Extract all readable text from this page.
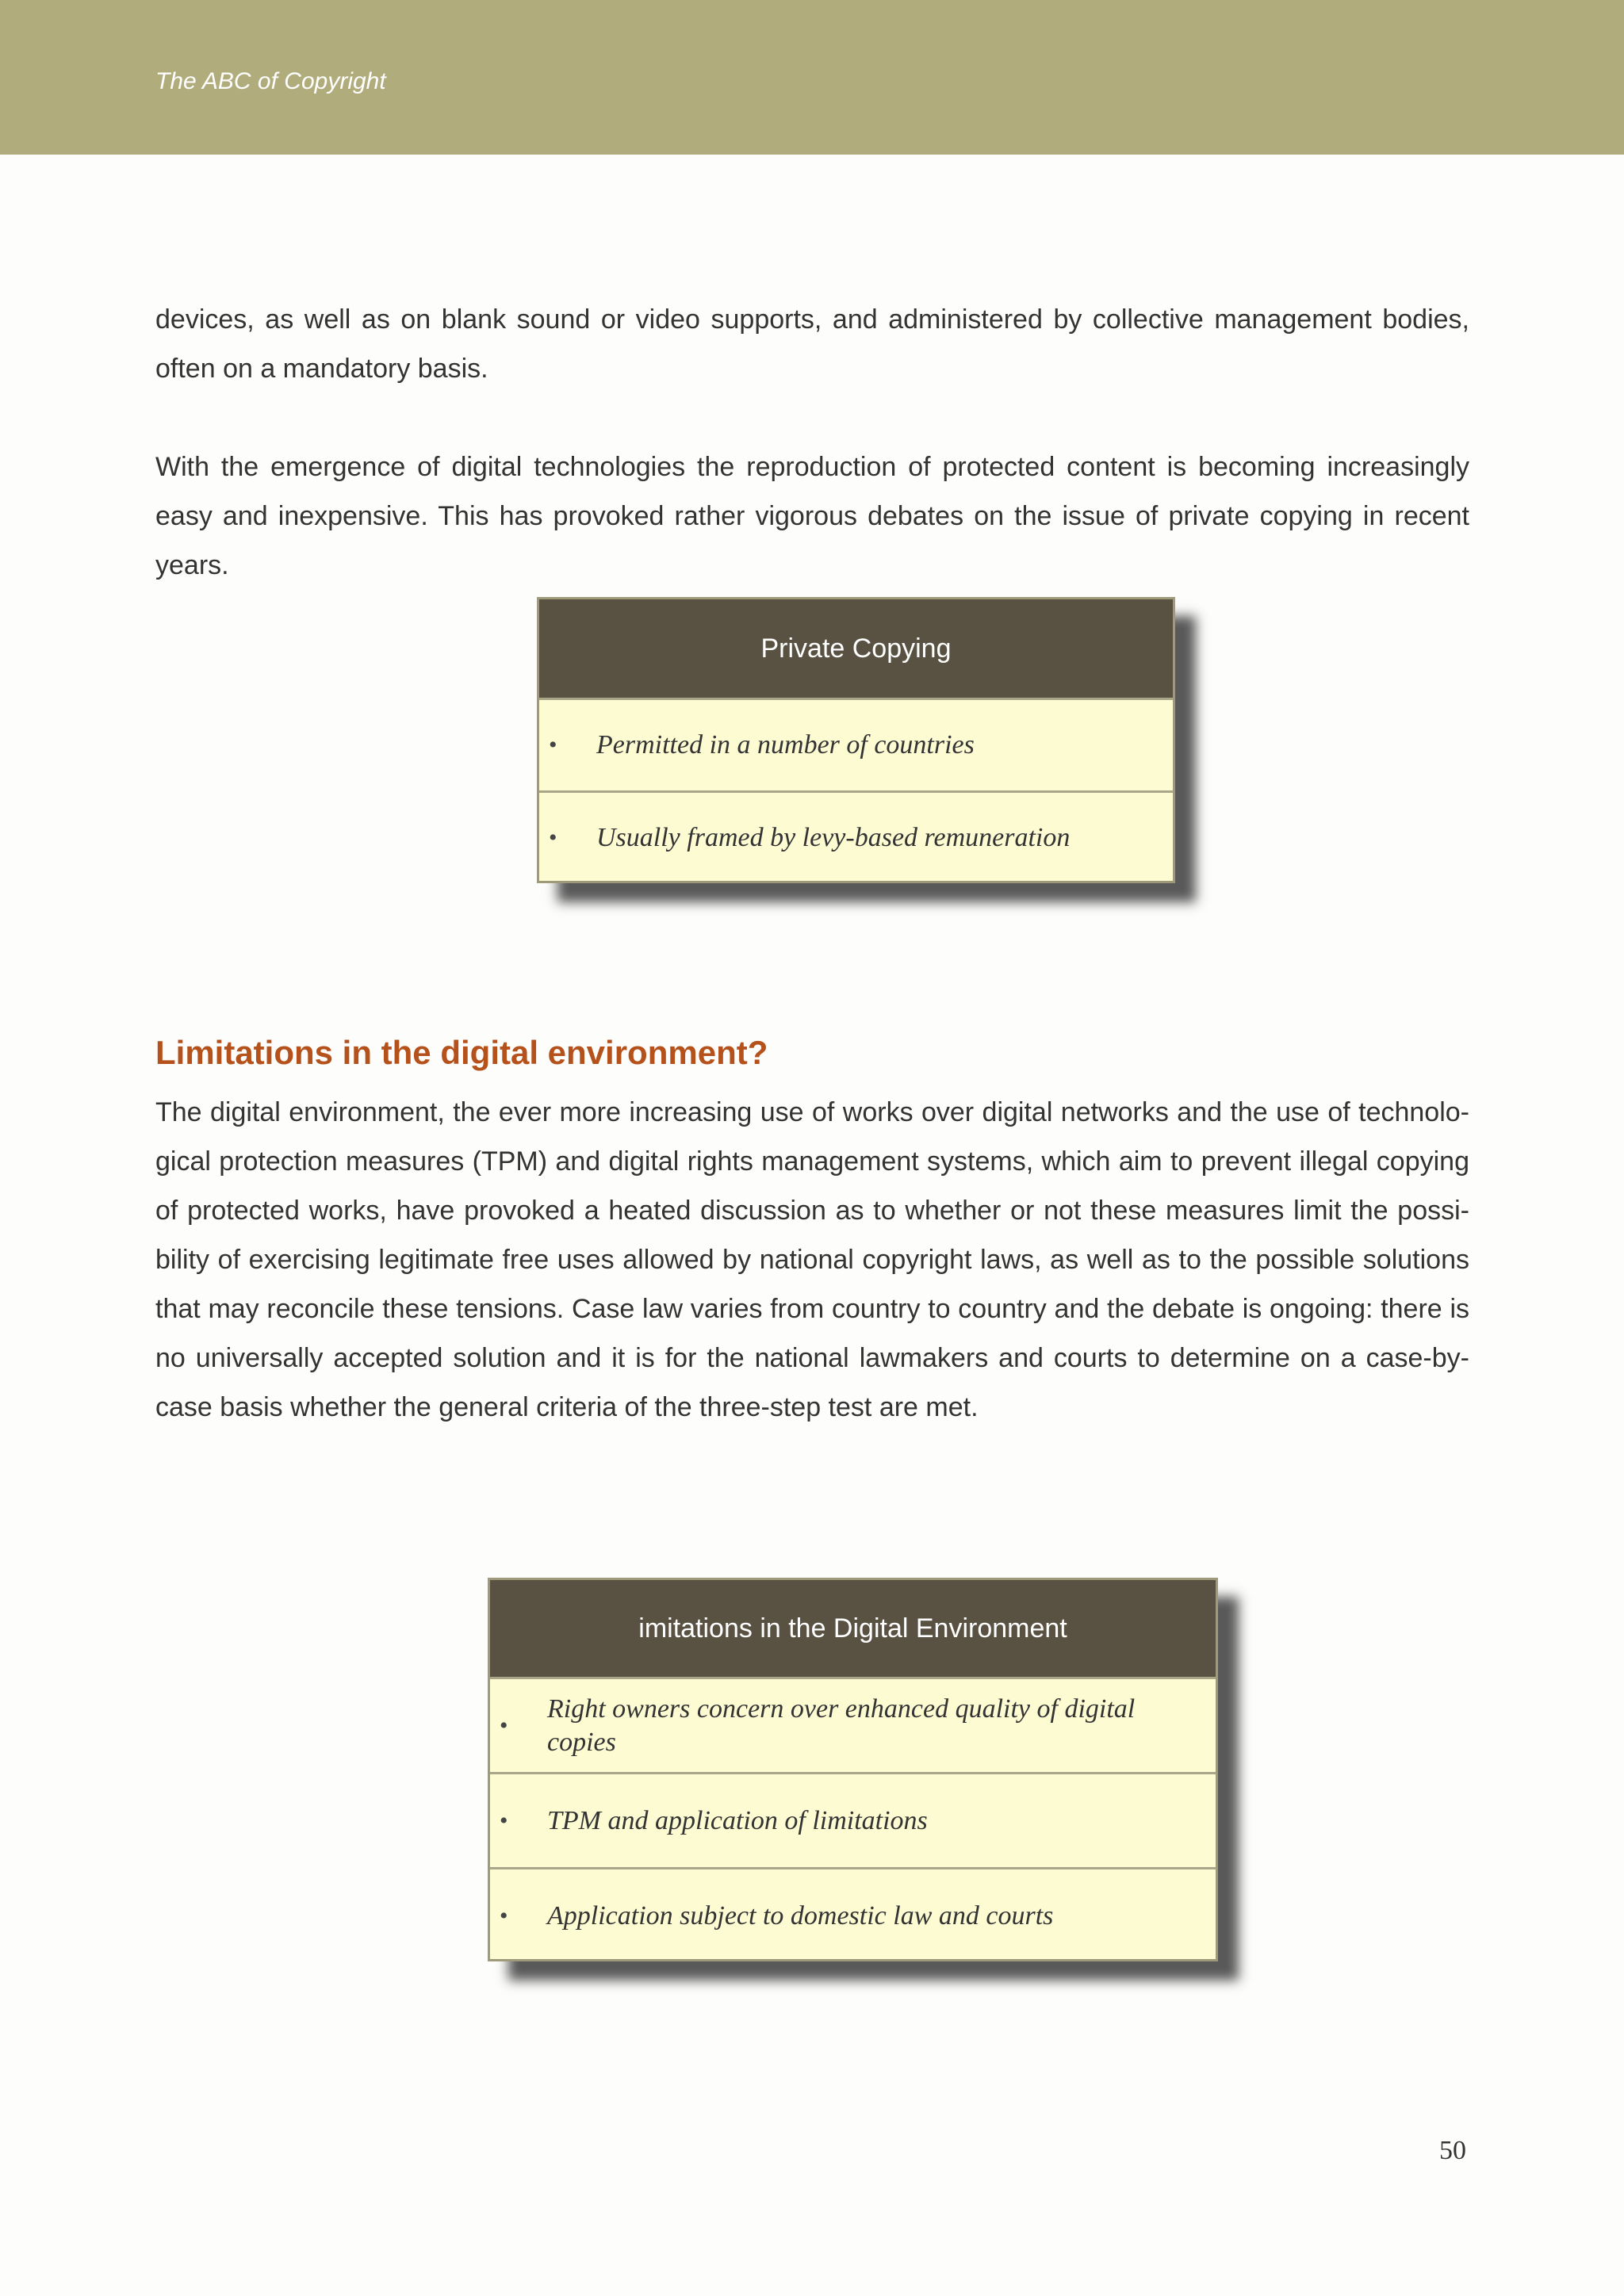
The ABC of Copyright

devices, as well as on blank sound or video supports, and administered by collective management bodies, often on a mandatory basis.

With the emergence of digital technologies the reproduction of protected content is becoming increasingly easy and inexpensive. This has provoked rather vigorous debates on the issue of private copying in recent years.

Private Copying
• Permitted in a number of countries
• Usually framed by levy-based remuneration
Limitations in the digital environment?

The digital environment, the ever more increasing use of works over digital networks and the use of technolo-gical protection measures (TPM) and digital rights management systems, which aim to prevent illegal copying of protected works, have provoked a heated discussion as to whether or not these measures limit the possi-bility of exercising legitimate free uses allowed by national copyright laws, as well as to the possible solutions that may reconcile these tensions. Case law varies from country to country and the debate is ongoing: there is no universally accepted solution and it is for the national lawmakers and courts to determine on a case-by-case basis whether the general criteria of the three-step test are met.

imitations in the Digital Environment
•
Right owners concern over enhanced quality of digital copies
• TPM and application of limitations
• Application subject to domestic law and courts

50
